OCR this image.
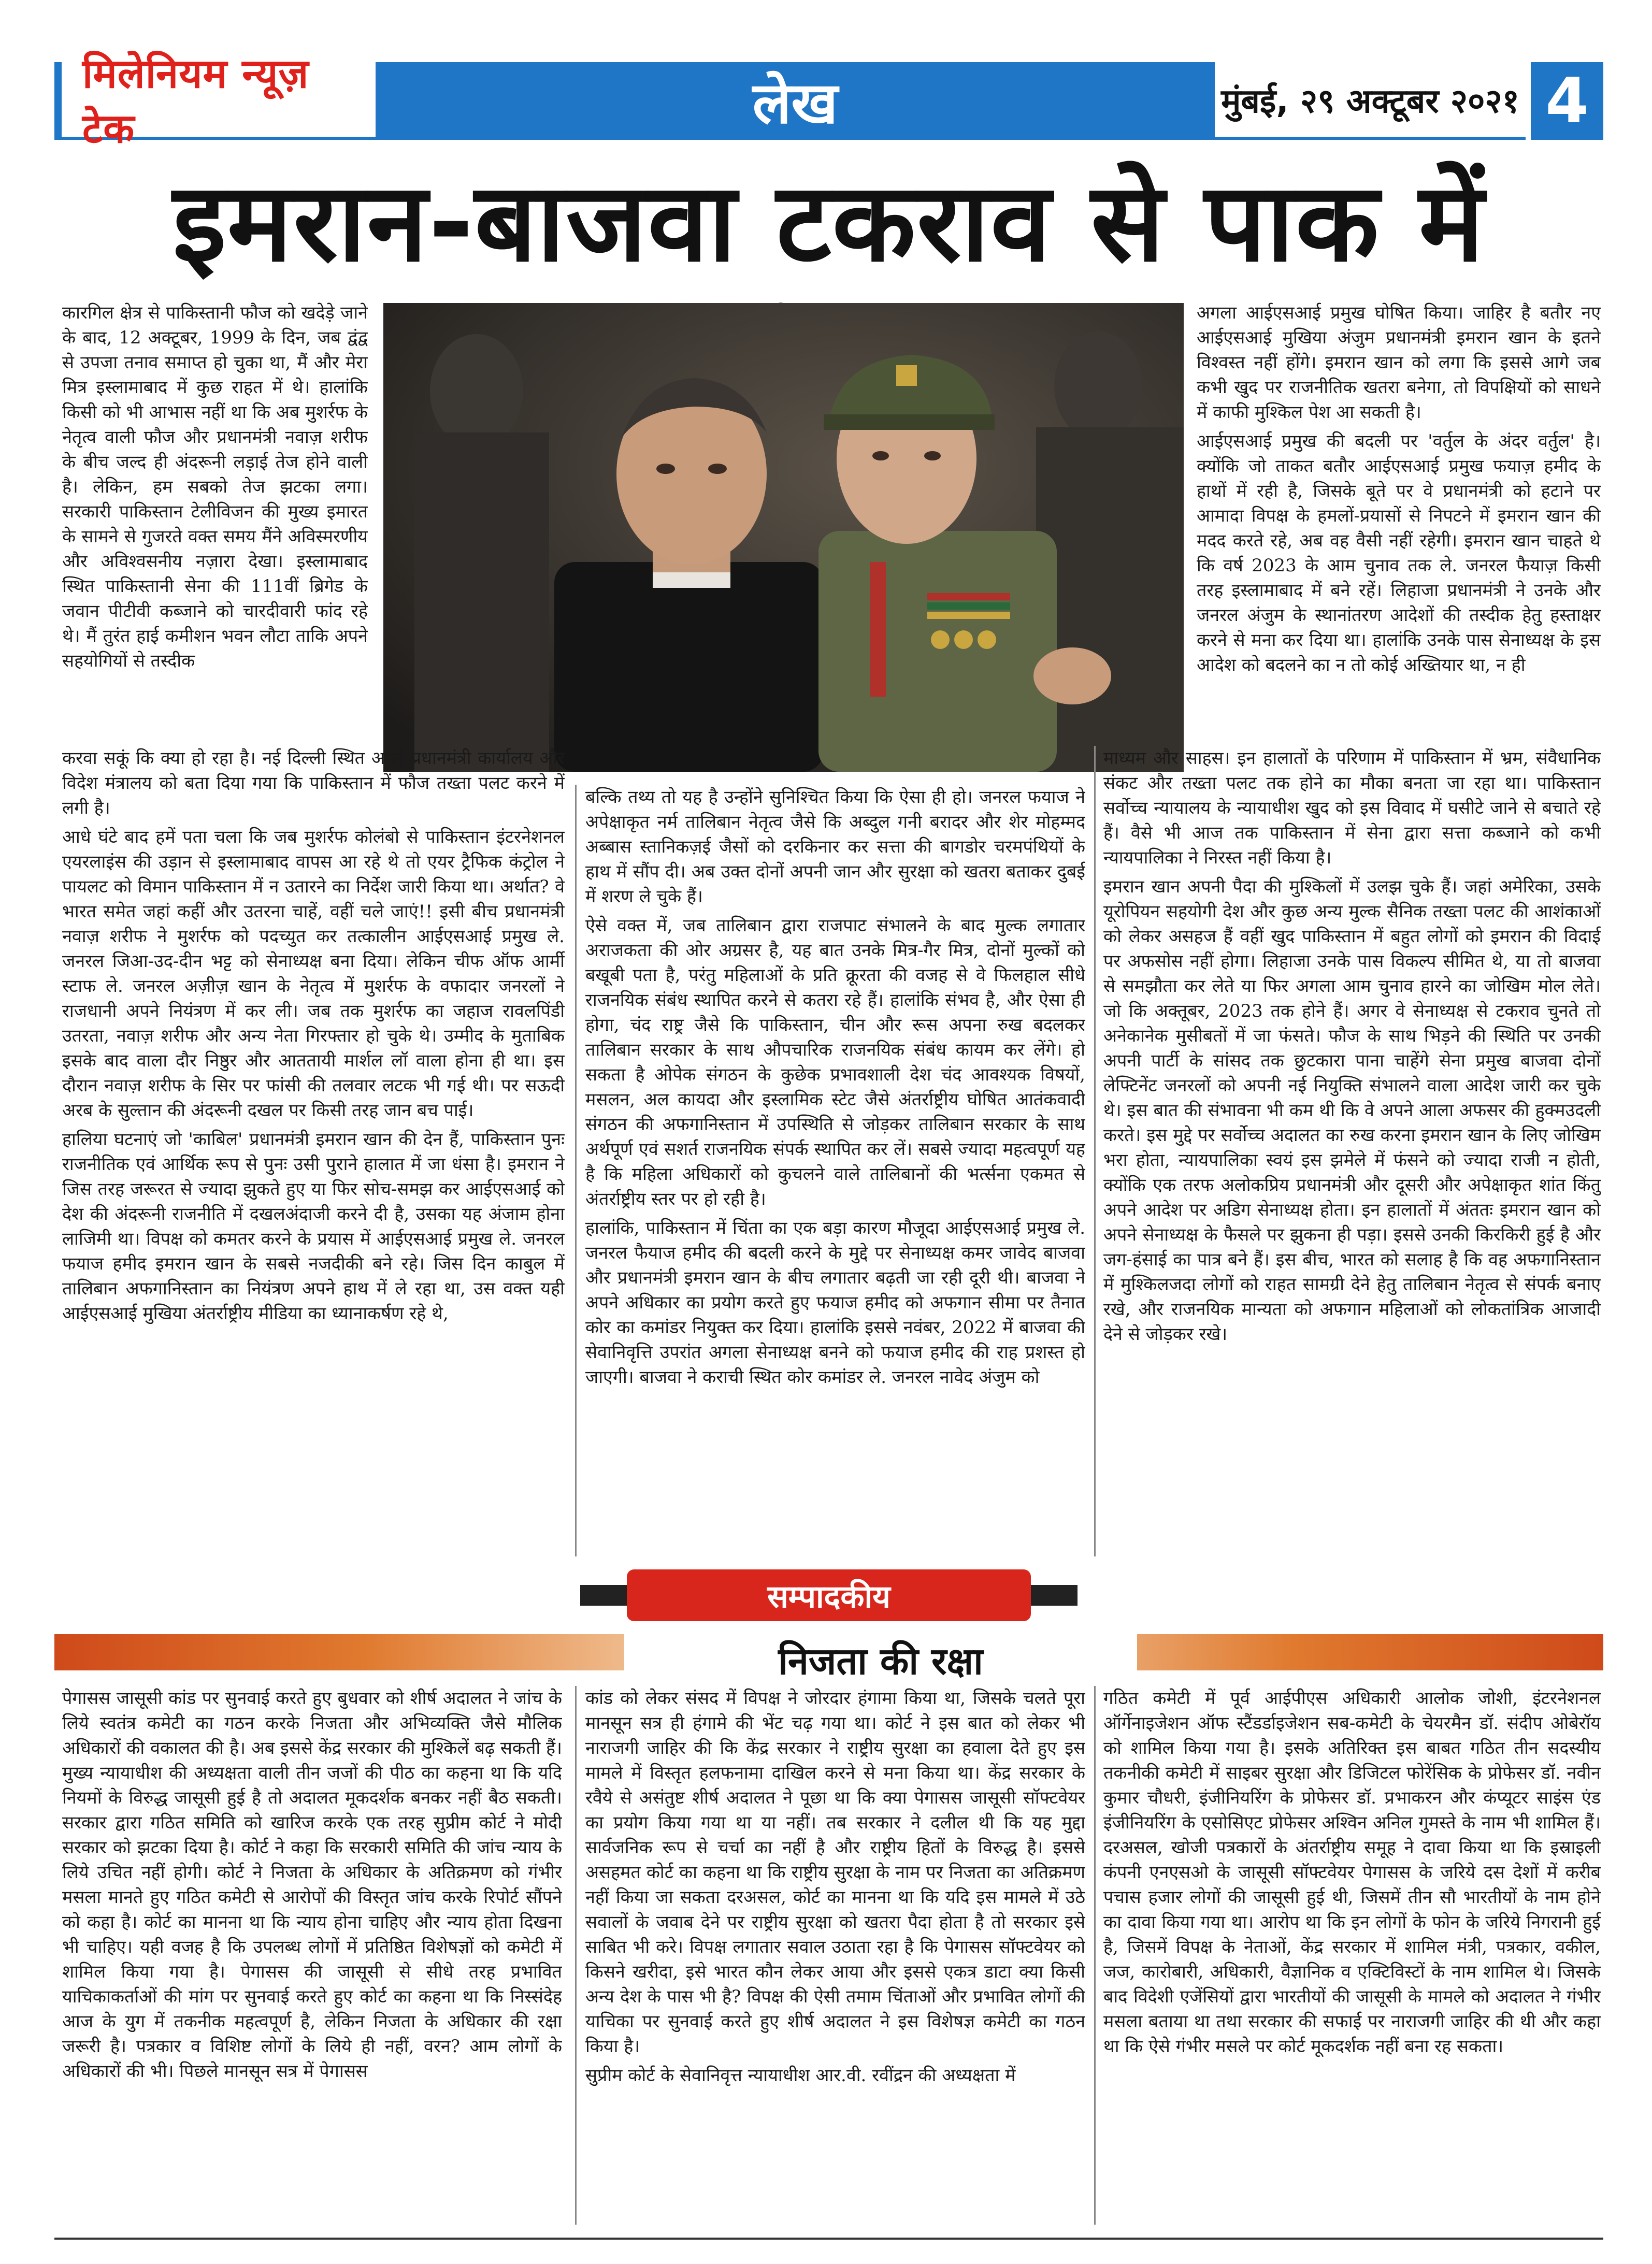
मिलेनियम न्यूज़ टेक	लेख	मुंबई, २९ अक्टूबर २०२१ 4
इमरान-बाजवा टकराव से पाक में

कारगिल क्षेत्र से पाकिस्तानी फौज को खदेड़े जाने के बाद, 12 अक्टूबर, 1999 के दिन, जब द्वंद्व से उपजा तनाव समाप्त हो चुका था, मैं और मेरा मित्र इस्लामाबाद में कुछ राहत में थे। हालांकि किसी को भी आभास नहीं था कि अब मुशर्रफ के नेतृत्व वाली फौज और प्रधानमंत्री नवाज़ शरीफ के बीच जल्द ही अंदरूनी लड़ाई तेज होने वाली है। लेकिन, हम सबको तेज झटका लगा। सरकारी पाकिस्तान टेलीविजन की मुख्य इमारत के सामने से गुजरते वक्त समय मैंने अविस्मरणीय और अविश्वसनीय नज़ारा देखा। इस्लामाबाद स्थित पाकिस्तानी सेना की 111वीं ब्रिगेड के जवान पीटीवी कब्जाने को चारदीवारी फांद रहे थे। मैं तुरंत हाई कमीशन भवन लौटा ताकि अपने सहयोगियों से तस्दीक

करवा सकूं कि क्या हो रहा है। नई दिल्ली स्थित अपने प्रधानमंत्री कार्यालय और विदेश मंत्रालय को बता दिया गया कि पाकिस्तान में फौज तख्ता पलट करने में लगी है।

आधे घंटे बाद हमें पता चला कि जब मुशर्रफ कोलंबो से पाकिस्तान इंटरनेशनल एयरलाइंस की उड़ान से इस्लामाबाद वापस आ रहे थे तो एयर ट्रैफिक कंट्रोल ने पायलट को विमान पाकिस्तान में न उतारने का निर्देश जारी किया था। अर्थात? वे भारत समेत जहां कहीं और उतरना चाहें, वहीं चले जाएं!! इसी बीच प्रधानमंत्री नवाज़ शरीफ ने मुशर्रफ को पदच्युत कर तत्कालीन आईएसआई प्रमुख ले. जनरल जिआ-उद-दीन भट्ट को सेनाध्यक्ष बना दिया। लेकिन चीफ ऑफ आर्मी स्टाफ ले. जनरल अज़ीज़ खान के नेतृत्व में मुशर्रफ के वफादार जनरलों ने राजधानी अपने नियंत्रण में कर ली। जब तक मुशर्रफ का जहाज रावलपिंडी उतरता, नवाज़ शरीफ और अन्य नेता गिरफ्तार हो चुके थे। उम्मीद के मुताबिक इसके बाद वाला दौर निष्ठुर और आततायी मार्शल लॉ वाला होना ही था। इस दौरान नवाज़ शरीफ के सिर पर फांसी की तलवार लटक भी गई थी। पर सऊदी अरब के सुल्तान की अंदरूनी दखल पर किसी तरह जान बच पाई।

हालिया घटनाएं जो 'काबिल' प्रधानमंत्री इमरान खान की देन हैं, पाकिस्तान पुनः राजनीतिक एवं आर्थिक रूप से पुनः उसी पुराने हालात में जा धंसा है। इमरान ने जिस तरह जरूरत से ज्यादा झुकते हुए या फिर सोच-समझ कर आईएसआई को देश की अंदरूनी राजनीति में दखलअंदाजी करने दी है, उसका यह अंजाम होना लाजिमी था। विपक्ष को कमतर करने के प्रयास में आईएसआई प्रमुख ले. जनरल फयाज हमीद इमरान खान के सबसे नजदीकी बने रहे। जिस दिन काबुल में तालिबान अफगानिस्तान का नियंत्रण अपने हाथ में ले रहा था, उस वक्त यही आईएसआई मुखिया अंतर्राष्ट्रीय मीडिया का ध्यानाकर्षण रहे थे,

बल्कि तथ्य तो यह है उन्होंने सुनिश्चित किया कि ऐसा ही हो। जनरल फयाज ने अपेक्षाकृत नर्म तालिबान नेतृत्व जैसे कि अब्दुल गनी बरादर और शेर मोहम्मद अब्बास स्तानिकज़ई जैसों को दरकिनार कर सत्ता की बागडोर चरमपंथियों के हाथ में सौंप दी। अब उक्त दोनों अपनी जान और सुरक्षा को खतरा बताकर दुबई में शरण ले चुके हैं।

ऐसे वक्त में, जब तालिबान द्वारा राजपाट संभालने के बाद मुल्क लगातार अराजकता की ओर अग्रसर है, यह बात उनके मित्र-गैर मित्र, दोनों मुल्कों को बखूबी पता है, परंतु महिलाओं के प्रति क्रूरता की वजह से वे फिलहाल सीधे राजनयिक संबंध स्थापित करने से कतरा रहे हैं। हालांकि संभव है, और ऐसा ही होगा, चंद राष्ट्र जैसे कि पाकिस्तान, चीन और रूस अपना रुख बदलकर तालिबान सरकार के साथ औपचारिक राजनयिक संबंध कायम कर लेंगे। हो सकता है ओपेक संगठन के कुछेक प्रभावशाली देश चंद आवश्यक विषयों, मसलन, अल कायदा और इस्लामिक स्टेट जैसे अंतर्राष्ट्रीय घोषित आतंकवादी संगठन की अफगानिस्तान में उपस्थिति से जोड़कर तालिबान सरकार के साथ अर्थपूर्ण एवं सशर्त राजनयिक संपर्क स्थापित कर लें। सबसे ज्यादा महत्वपूर्ण यह है कि महिला अधिकारों को कुचलने वाले तालिबानों की भर्त्सना एकमत से अंतर्राष्ट्रीय स्तर पर हो रही है।

हालांकि, पाकिस्तान में चिंता का एक बड़ा कारण मौजूदा आईएसआई प्रमुख ले. जनरल फैयाज हमीद की बदली करने के मुद्दे पर सेनाध्यक्ष कमर जावेद बाजवा और प्रधानमंत्री इमरान खान के बीच लगातार बढ़ती जा रही दूरी थी। बाजवा ने अपने अधिकार का प्रयोग करते हुए फयाज हमीद को अफगान सीमा पर तैनात कोर का कमांडर नियुक्त कर दिया। हालांकि इससे नवंबर, 2022 में बाजवा की सेवानिवृत्ति उपरांत अगला सेनाध्यक्ष बनने को फयाज हमीद की राह प्रशस्त हो जाएगी। बाजवा ने कराची स्थित कोर कमांडर ले. जनरल नावेद अंजुम को

अगला आईएसआई प्रमुख घोषित किया। जाहिर है बतौर नए आईएसआई मुखिया अंजुम प्रधानमंत्री इमरान खान के इतने विश्वस्त नहीं होंगे। इमरान खान को लगा कि इससे आगे जब कभी खुद पर राजनीतिक खतरा बनेगा, तो विपक्षियों को साधने में काफी मुश्किल पेश आ सकती है।

आईएसआई प्रमुख की बदली पर 'वर्तुल के अंदर वर्तुल' है। क्योंकि जो ताकत बतौर आईएसआई प्रमुख फयाज़ हमीद के हाथों में रही है, जिसके बूते पर वे प्रधानमंत्री को हटाने पर आमादा विपक्ष के हमलों-प्रयासों से निपटने में इमरान खान की मदद करते रहे, अब वह वैसी नहीं रहेगी। इमरान खान चाहते थे कि वर्ष 2023 के आम चुनाव तक ले. जनरल फैयाज़ किसी तरह इस्लामाबाद में बने रहें। लिहाजा प्रधानमंत्री ने उनके और जनरल अंजुम के स्थानांतरण आदेशों की तस्दीक हेतु हस्ताक्षर करने से मना कर दिया था। हालांकि उनके पास सेनाध्यक्ष के इस आदेश को बदलने का न तो कोई अख्तियार था, न ही

माध्यम और साहस। इन हालातों के परिणाम में पाकिस्तान में भ्रम, संवैधानिक संकट और तख्ता पलट तक होने का मौका बनता जा रहा था। पाकिस्तान सर्वोच्च न्यायालय के न्यायाधीश खुद को इस विवाद में घसीटे जाने से बचाते रहे हैं। वैसे भी आज तक पाकिस्तान में सेना द्वारा सत्ता कब्जाने को कभी न्यायपालिका ने निरस्त नहीं किया है।

इमरान खान अपनी पैदा की मुश्किलों में उलझ चुके हैं। जहां अमेरिका, उसके यूरोपियन सहयोगी देश और कुछ अन्य मुल्क सैनिक तख्ता पलट की आशंकाओं को लेकर असहज हैं वहीं खुद पाकिस्तान में बहुत लोगों को इमरान की विदाई पर अफसोस नहीं होगा। लिहाजा उनके पास विकल्प सीमित थे, या तो बाजवा से समझौता कर लेते या फिर अगला आम चुनाव हारने का जोखिम मोल लेते। जो कि अक्तूबर, 2023 तक होने हैं। अगर वे सेनाध्यक्ष से टकराव चुनते तो अनेकानेक मुसीबतों में जा फंसते। फौज के साथ भिड़ने की स्थिति पर उनकी अपनी पार्टी के सांसद तक छुटकारा पाना चाहेंगे सेना प्रमुख बाजवा दोनों लेफ्टिनेंट जनरलों को अपनी नई नियुक्ति संभालने वाला आदेश जारी कर चुके थे। इस बात की संभावना भी कम थी कि वे अपने आला अफसर की हुक्मउदली करते। इस मुद्दे पर सर्वोच्च अदालत का रुख करना इमरान खान के लिए जोखिम भरा होता, न्यायपालिका स्वयं इस झमेले में फंसने को ज्यादा राजी न होती, क्योंकि एक तरफ अलोकप्रिय प्रधानमंत्री और दूसरी और अपेक्षाकृत शांत किंतु अपने आदेश पर अडिग सेनाध्यक्ष होता। इन हालातों में अंततः इमरान खान को अपने सेनाध्यक्ष के फैसले पर झुकना ही पड़ा। इससे उनकी किरकिरी हुई है और जग-हंसाई का पात्र बने हैं। इस बीच, भारत को सलाह है कि वह अफगानिस्तान में मुश्किलजदा लोगों को राहत सामग्री देने हेतु तालिबान नेतृत्व से संपर्क बनाए रखे, और राजनयिक मान्यता को अफगान महिलाओं को लोकतांत्रिक आजादी देने से जोड़कर रखे।

सम्पादकीय
निजता की रक्षा

पेगासस जासूसी कांड पर सुनवाई करते हुए बुधवार को शीर्ष अदालत ने जांच के लिये स्वतंत्र कमेटी का गठन करके निजता और अभिव्यक्ति जैसे मौलिक अधिकारों की वकालत की है। अब इससे केंद्र सरकार की मुश्किलें बढ़ सकती हैं। मुख्य न्यायाधीश की अध्यक्षता वाली तीन जजों की पीठ का कहना था कि यदि नियमों के विरुद्ध जासूसी हुई है तो अदालत मूकदर्शक बनकर नहीं बैठ सकती। सरकार द्वारा गठित समिति को खारिज करके एक तरह सुप्रीम कोर्ट ने मोदी सरकार को झटका दिया है। कोर्ट ने कहा कि सरकारी समिति की जांच न्याय के लिये उचित नहीं होगी। कोर्ट ने निजता के अधिकार के अतिक्रमण को गंभीर मसला मानते हुए गठित कमेटी से आरोपों की विस्तृत जांच करके रिपोर्ट सौंपने को कहा है। कोर्ट का मानना था कि न्याय होना चाहिए और न्याय होता दिखना भी चाहिए। यही वजह है कि उपलब्ध लोगों में प्रतिष्ठित विशेषज्ञों को कमेटी में शामिल किया गया है। पेगासस की जासूसी से सीधे तरह प्रभावित याचिकाकर्ताओं की मांग पर सुनवाई करते हुए कोर्ट का कहना था कि निस्संदेह आज के युग में तकनीक महत्वपूर्ण है, लेकिन निजता के अधिकार की रक्षा जरूरी है। पत्रकार व विशिष्ट लोगों के लिये ही नहीं, वरन? आम लोगों के अधिकारों की भी। पिछले मानसून सत्र में पेगासस

कांड को लेकर संसद में विपक्ष ने जोरदार हंगामा किया था, जिसके चलते पूरा मानसून सत्र ही हंगामे की भेंट चढ़ गया था। कोर्ट ने इस बात को लेकर भी नाराजगी जाहिर की कि केंद्र सरकार ने राष्ट्रीय सुरक्षा का हवाला देते हुए इस मामले में विस्तृत हलफनामा दाखिल करने से मना किया था। केंद्र सरकार के रवैये से असंतुष्ट शीर्ष अदालत ने पूछा था कि क्या पेगासस जासूसी सॉफ्टवेयर का प्रयोग किया गया था या नहीं। तब सरकार ने दलील थी कि यह मुद्दा सार्वजनिक रूप से चर्चा का नहीं है और राष्ट्रीय हितों के विरुद्ध है। इससे असहमत कोर्ट का कहना था कि राष्ट्रीय सुरक्षा के नाम पर निजता का अतिक्रमण नहीं किया जा सकता दरअसल, कोर्ट का मानना था कि यदि इस मामले में उठे सवालों के जवाब देने पर राष्ट्रीय सुरक्षा को खतरा पैदा होता है तो सरकार इसे साबित भी करे। विपक्ष लगातार सवाल उठाता रहा है कि पेगासस सॉफ्टवेयर को किसने खरीदा, इसे भारत कौन लेकर आया और इससे एकत्र डाटा क्या किसी अन्य देश के पास भी है? विपक्ष की ऐसी तमाम चिंताओं और प्रभावित लोगों की याचिका पर सुनवाई करते हुए शीर्ष अदालत ने इस विशेषज्ञ कमेटी का गठन किया है।

सुप्रीम कोर्ट के सेवानिवृत्त न्यायाधीश आर.वी. रवींद्रन की अध्यक्षता में

गठित कमेटी में पूर्व आईपीएस अधिकारी आलोक जोशी, इंटरनेशनल ऑर्गेनाइजेशन ऑफ स्टैंडर्डाइजेशन सब-कमेटी के चेयरमैन डॉ. संदीप ओबेरॉय को शामिल किया गया है। इसके अतिरिक्त इस बाबत गठित तीन सदस्यीय तकनीकी कमेटी में साइबर सुरक्षा और डिजिटल फोरेंसिक के प्रोफेसर डॉ. नवीन कुमार चौधरी, इंजीनियरिंग के प्रोफेसर डॉ. प्रभाकरन और कंप्यूटर साइंस एंड इंजीनियरिंग के एसोसिएट प्रोफेसर अश्विन अनिल गुमस्ते के नाम भी शामिल हैं। दरअसल, खोजी पत्रकारों के अंतर्राष्ट्रीय समूह ने दावा किया था कि इस्राइली कंपनी एनएसओ के जासूसी सॉफ्टवेयर पेगासस के जरिये दस देशों में करीब पचास हजार लोगों की जासूसी हुई थी, जिसमें तीन सौ भारतीयों के नाम होने का दावा किया गया था। आरोप था कि इन लोगों के फोन के जरिये निगरानी हुई है, जिसमें विपक्ष के नेताओं, केंद्र सरकार में शामिल मंत्री, पत्रकार, वकील, जज, कारोबारी, अधिकारी, वैज्ञानिक व एक्टिविस्टों के नाम शामिल थे। जिसके बाद विदेशी एजेंसियों द्वारा भारतीयों की जासूसी के मामले को अदालत ने गंभीर मसला बताया था तथा सरकार की सफाई पर नाराजगी जाहिर की थी और कहा था कि ऐसे गंभीर मसले पर कोर्ट मूकदर्शक नहीं बना रह सकता।
